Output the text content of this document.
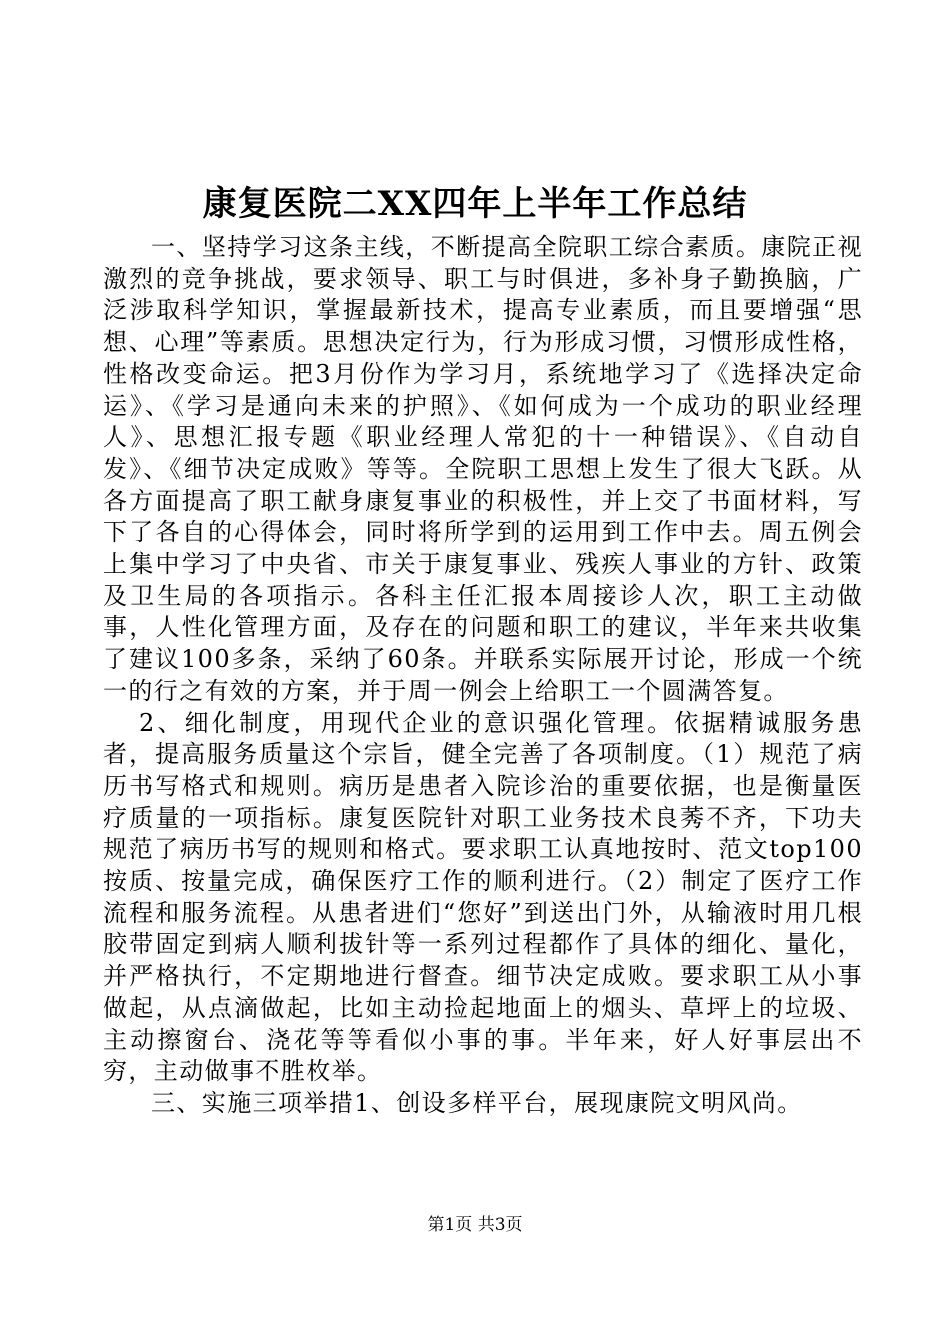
康复医院二XX四年上半年工作总结

一、坚持学习这条主线，不断提高全院职工综合素质。康院正视激烈的竞争挑战，要求领导、职工与时俱进，多补身子勤换脑，广泛涉取科学知识，掌握最新技术，提高专业素质，而且要增强“思想、心理”等素质。思想决定行为，行为形成习惯，习惯形成性格，性格改变命运。把3月份作为学习月，系统地学习了《选择决定命运》、《学习是通向未来的护照》、《如何成为一个成功的职业经理人》、思想汇报专题《职业经理人常犯的十一种错误》、《自动自发》、《细节决定成败》等等。全院职工思想上发生了很大飞跃。从各方面提高了职工献身康复事业的积极性，并上交了书面材料，写下了各自的心得体会，同时将所学到的运用到工作中去。周五例会上集中学习了中央省、市关于康复事业、残疾人事业的方针、政策及卫生局的各项指示。各科主任汇报本周接诊人次，职工主动做事，人性化管理方面，及存在的问题和职工的建议，半年来共收集了建议100多条，采纳了60条。并联系实际展开讨论，形成一个统一的行之有效的方案，并于周一例会上给职工一个圆满答复。

2、细化制度，用现代企业的意识强化管理。依据精诚服务患者，提高服务质量这个宗旨，健全完善了各项制度。（1）规范了病历书写格式和规则。病历是患者入院诊治的重要依据，也是衡量医疗质量的一项指标。康复医院针对职工业务技术良莠不齐，下功夫规范了病历书写的规则和格式。要求职工认真地按时、范文top100按质、按量完成，确保医疗工作的顺利进行。（2）制定了医疗工作流程和服务流程。从患者进们“您好”到送出门外，从输液时用几根胶带固定到病人顺利拔针等一系列过程都作了具体的细化、量化，并严格执行，不定期地进行督查。细节决定成败。要求职工从小事做起，从点滴做起，比如主动捡起地面上的烟头、草坪上的垃圾、主动擦窗台、浇花等等看似小事的事。半年来，好人好事层出不穷，主动做事不胜枚举。

三、实施三项举措1、创设多样平台，展现康院文明风尚。

第1页 共3页
